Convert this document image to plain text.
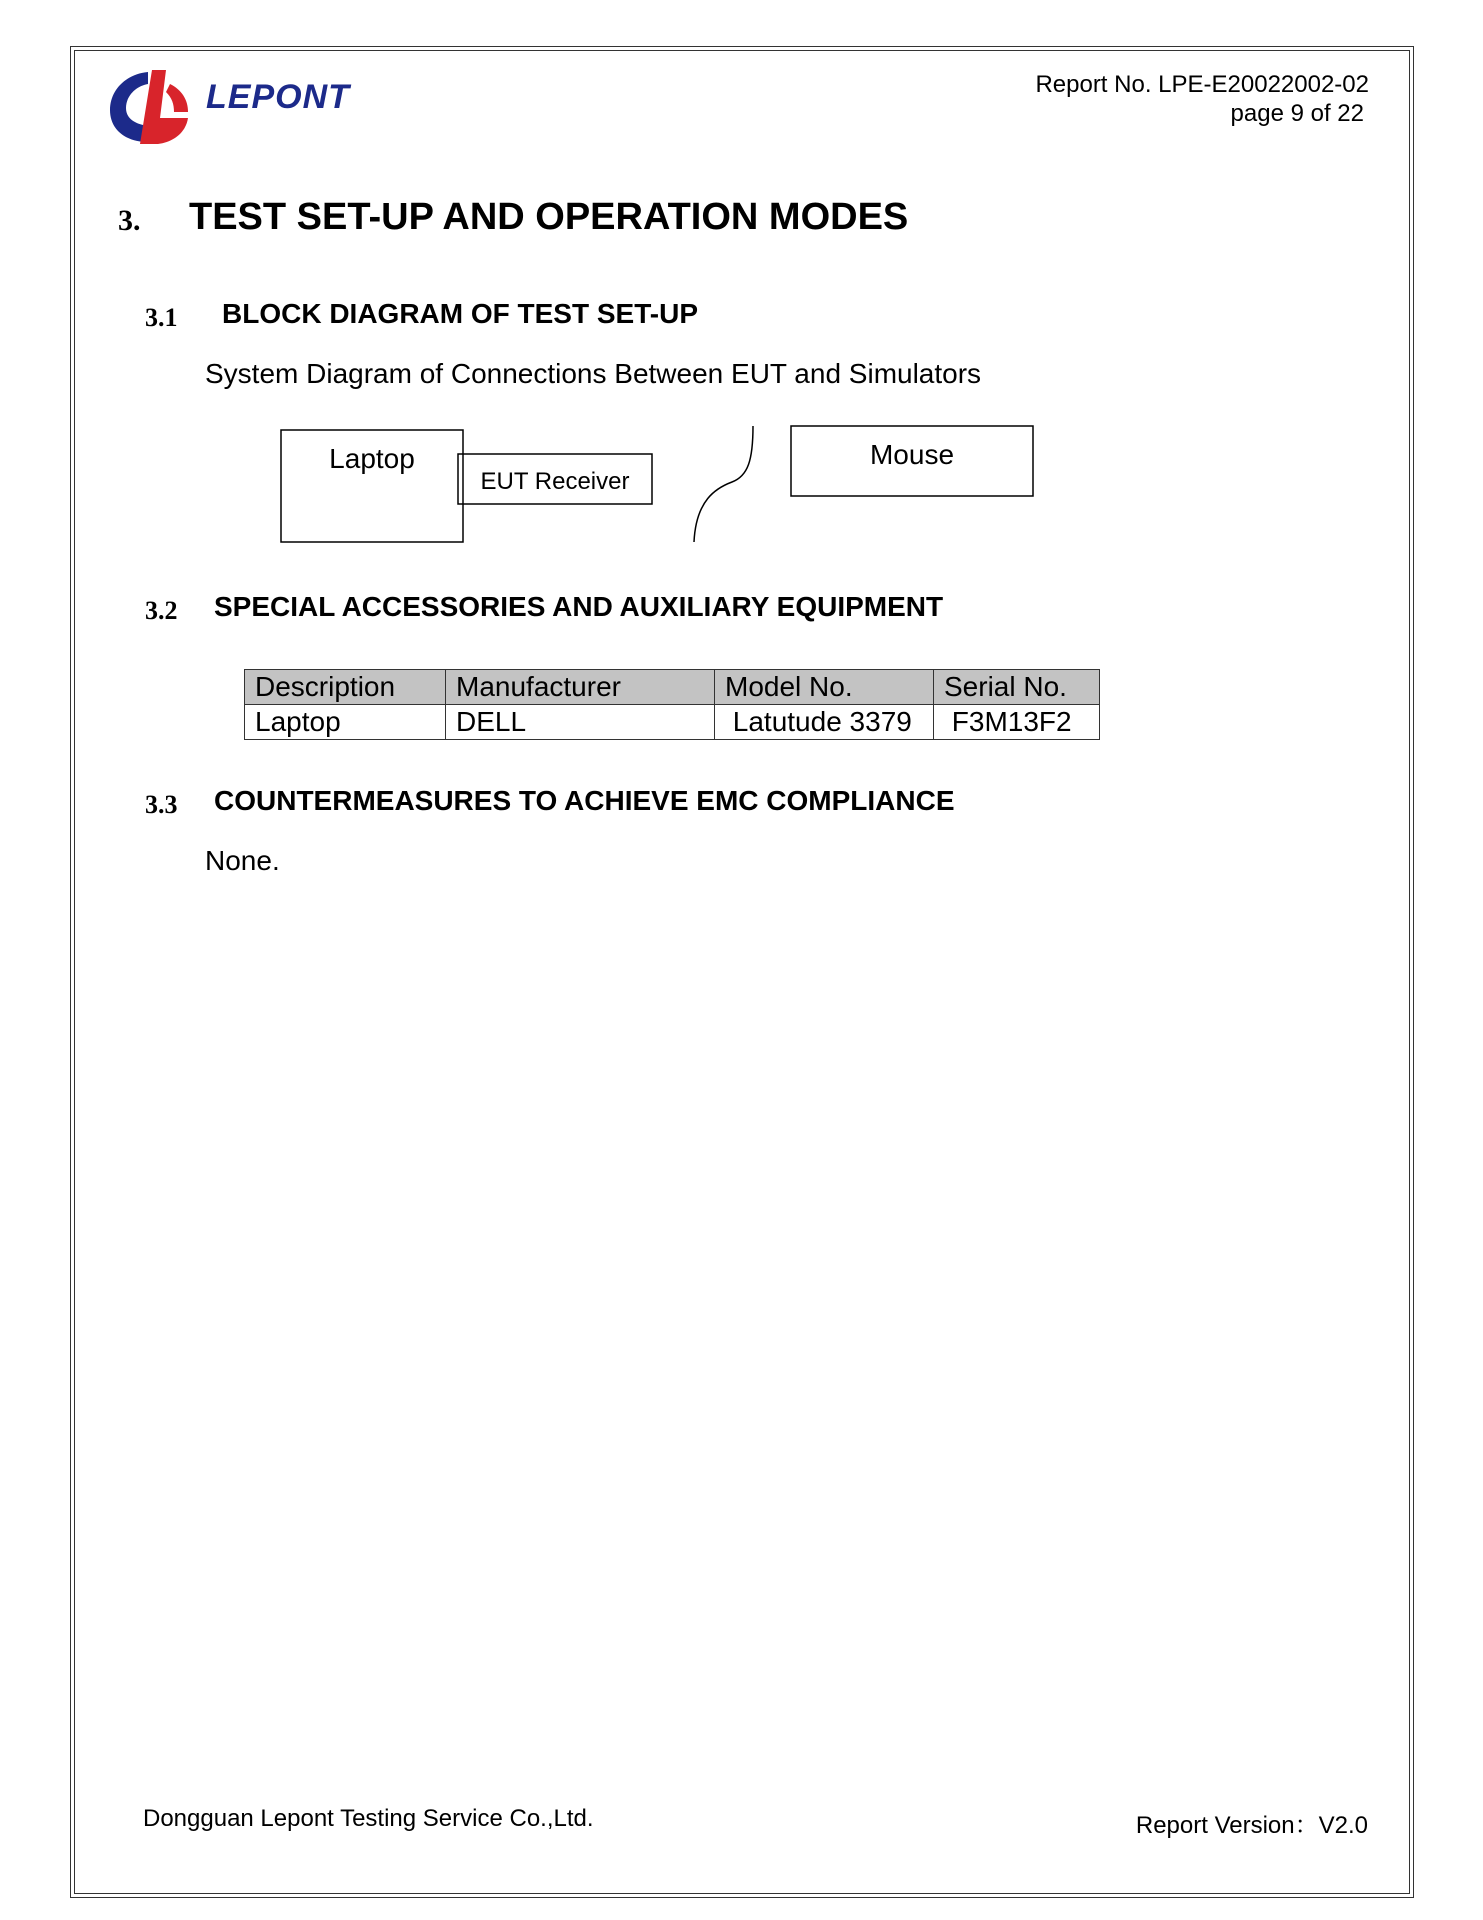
LEPONT	Report No. LPE-E20022002-02
page 9 of 22
3. TEST SET-UP AND OPERATION MODES
3.1 BLOCK DIAGRAM OF TEST SET-UP
System Diagram of Connections Between EUT and Simulators
Laptop
EUT Receiver
Mouse
3.2 SPECIAL ACCESSORIES AND AUXILIARY EQUIPMENT
Description	Manufacturer	Model No.	Serial No.
Laptop	DELL	Latutude 3379	F3M13F2
3.3 COUNTERMEASURES TO ACHIEVE EMC COMPLIANCE
None.
Dongguan Lepont Testing Service Co.,Ltd.	Report Version：V2.0
